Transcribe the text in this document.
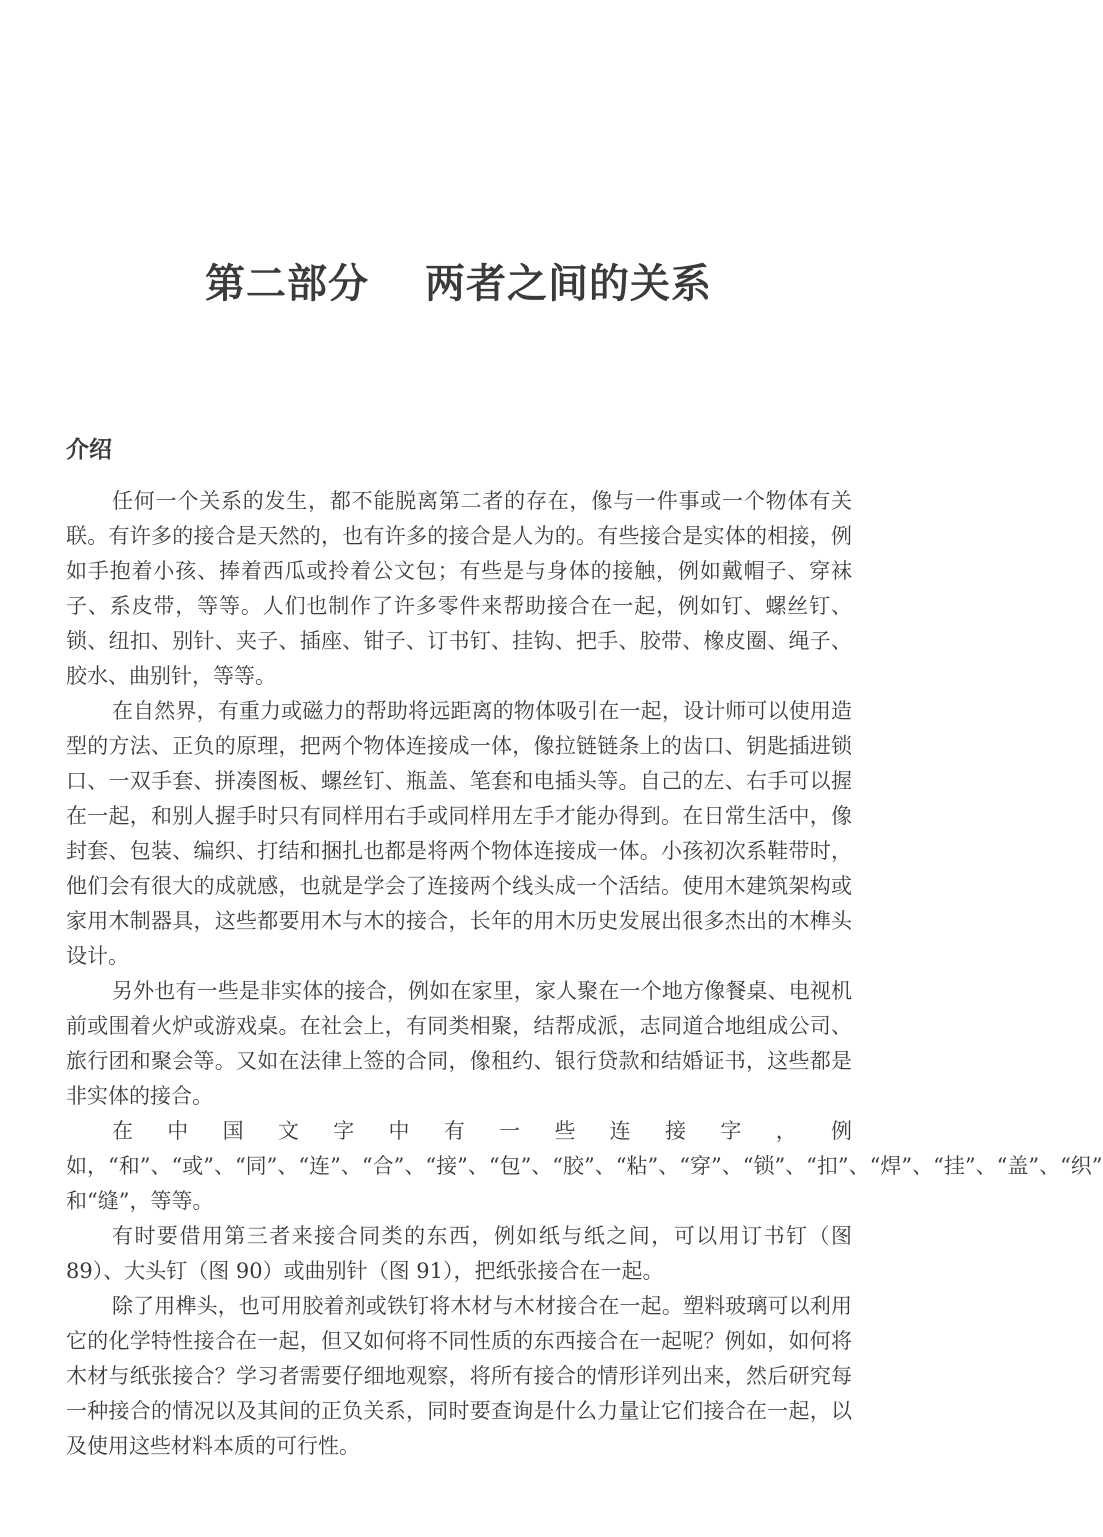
第二部分　 两者之间的关系
介绍

任何一个关系的发生，都不能脱离第二者的存在，像与一件事或一个物体有关联。有许多的接合是天然的，也有许多的接合是人为的。有些接合是实体的相接，例如手抱着小孩、捧着西瓜或拎着公文包；有些是与身体的接触，例如戴帽子、穿袜子、系皮带，等等。人们也制作了许多零件来帮助接合在一起，例如钉、螺丝钉、锁、纽扣、别针、夹子、插座、钳子、订书钉、挂钩、把手、胶带、橡皮圈、绳子、胶水、曲别针，等等。

在自然界，有重力或磁力的帮助将远距离的物体吸引在一起，设计师可以使用造型的方法、正负的原理，把两个物体连接成一体，像拉链链条上的齿口、钥匙插进锁口、一双手套、拼凑图板、螺丝钉、瓶盖、笔套和电插头等。自己的左、右手可以握在一起，和别人握手时只有同样用右手或同样用左手才能办得到。在日常生活中，像封套、包装、编织、打结和捆扎也都是将两个物体连接成一体。小孩初次系鞋带时，他们会有很大的成就感，也就是学会了连接两个线头成一个活结。使用木建筑架构或家用木制器具，这些都要用木与木的接合，长年的用木历史发展出很多杰出的木榫头设计。

另外也有一些是非实体的接合，例如在家里，家人聚在一个地方像餐桌、电视机前或围着火炉或游戏桌。在社会上，有同类相聚，结帮成派，志同道合地组成公司、旅行团和聚会等。又如在法律上签的合同，像租约、银行贷款和结婚证书，这些都是非实体的接合。

在中国文字中有一些连接字，例如，“和”、“或”、“同”、“连”、“合”、“接”、“包”、“胶”、“粘”、“穿”、“锁”、“扣”、“焊”、“挂”、“盖”、“织” 和“缝”，等等。

有时要借用第三者来接合同类的东西，例如纸与纸之间，可以用订书钉（图 89）、大头钉（图 90）或曲别针（图 91），把纸张接合在一起。

除了用榫头，也可用胶着剂或铁钉将木材与木材接合在一起。塑料玻璃可以利用它的化学特性接合在一起，但又如何将不同性质的东西接合在一起呢？例如，如何将木材与纸张接合？学习者需要仔细地观察，将所有接合的情形详列出来，然后研究每一种接合的情况以及其间的正负关系，同时要查询是什么力量让它们接合在一起，以及使用这些材料本质的可行性。
